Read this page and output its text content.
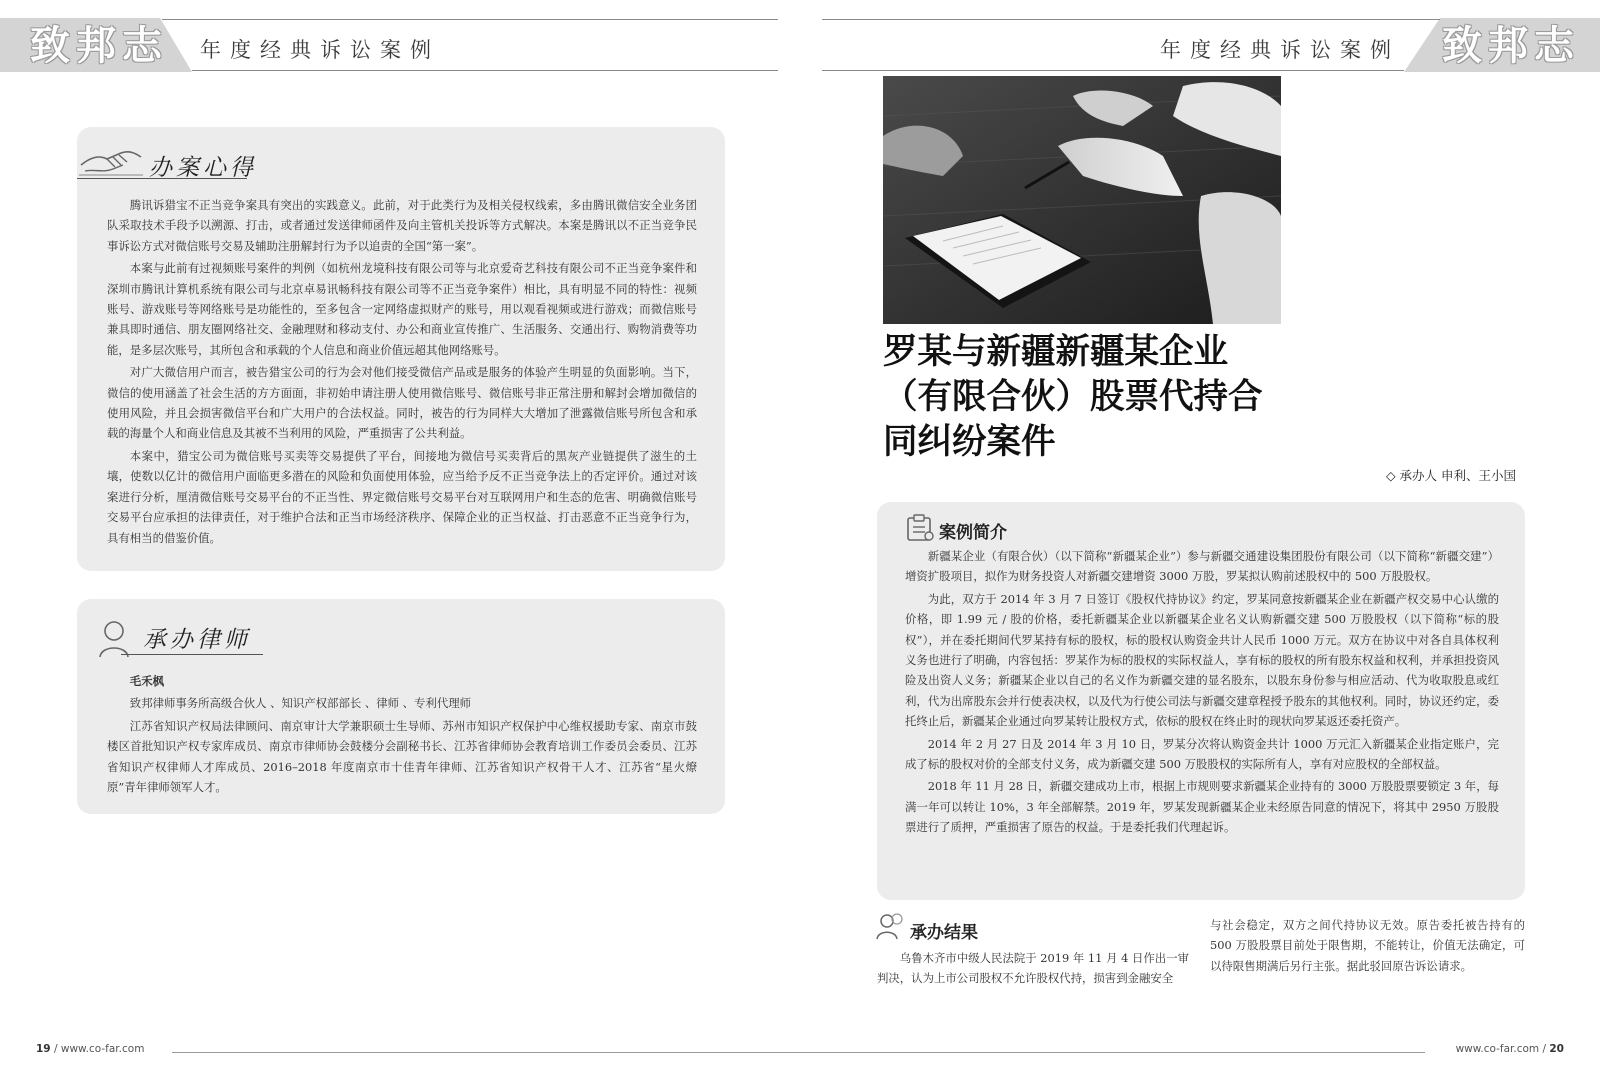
致邦志 年度经典诉讼案例	致邦志
年度经典诉讼案例
办案心得

腾讯诉猎宝不正当竞争案具有突出的实践意义。此前，对于此类行为及相关侵权线索，多由腾讯微信安全业务团队采取技术手段予以溯源、打击，或者通过发送律师函件及向主管机关投诉等方式解决。本案是腾讯以不正当竞争民事诉讼方式对微信账号交易及辅助注册解封行为予以追责的全国“第一案”。

本案与此前有过视频账号案件的判例（如杭州龙境科技有限公司等与北京爱奇艺科技有限公司不正当竞争案件和深圳市腾讯计算机系统有限公司与北京卓易讯畅科技有限公司等不正当竞争案件）相比，具有明显不同的特性：视频账号、游戏账号等网络账号是功能性的，至多包含一定网络虚拟财产的账号，用以观看视频或进行游戏；而微信账号兼具即时通信、朋友圈网络社交、金融理财和移动支付、办公和商业宣传推广、生活服务、交通出行、购物消费等功能，是多层次账号，其所包含和承载的个人信息和商业价值远超其他网络账号。

对广大微信用户而言，被告猎宝公司的行为会对他们接受微信产品或是服务的体验产生明显的负面影响。当下，微信的使用涵盖了社会生活的方方面面，非初始申请注册人使用微信账号、微信账号非正常注册和解封会增加微信的使用风险，并且会损害微信平台和广大用户的合法权益。同时，被告的行为同样大大增加了泄露微信账号所包含和承载的海量个人和商业信息及其被不当利用的风险，严重损害了公共利益。

本案中，猎宝公司为微信账号买卖等交易提供了平台，间接地为微信号买卖背后的黑灰产业链提供了滋生的土壤，使数以亿计的微信用户面临更多潜在的风险和负面使用体验，应当给予反不正当竞争法上的否定评价。通过对该案进行分析，厘清微信账号交易平台的不正当性、界定微信账号交易平台对互联网用户和生态的危害、明确微信账号交易平台应承担的法律责任，对于维护合法和正当市场经济秩序、保障企业的正当权益、打击恶意不正当竞争行为，具有相当的借鉴价值。

承办律师

毛禾枫

致邦律师事务所高级合伙人 、知识产权部部长 、律师 、专利代理师

江苏省知识产权局法律顾问、南京审计大学兼职硕士生导师、苏州市知识产权保护中心维权援助专家、南京市鼓楼区首批知识产权专家库成员、南京市律师协会鼓楼分会副秘书长、江苏省律师协会教育培训工作委员会委员、江苏省知识产权律师人才库成员、2016–2018 年度南京市十佳青年律师、江苏省知识产权骨干人才、江苏省“星火燎原”青年律师领军人才。

罗某与新疆新疆某企业（有限合伙）股票代持合同纠纷案件
◇ 承办人 申利、王小国
案例简介

新疆某企业（有限合伙）（以下简称“新疆某企业”）参与新疆交通建设集团股份有限公司（以下简称“新疆交建”）增资扩股项目，拟作为财务投资人对新疆交建增资 3000 万股，罗某拟认购前述股权中的 500 万股股权。

为此，双方于 2014 年 3 月 7 日签订《股权代持协议》约定，罗某同意按新疆某企业在新疆产权交易中心认缴的价格，即 1.99 元 / 股的价格，委托新疆某企业以新疆某企业名义认购新疆交建 500 万股股权（以下简称“标的股权”），并在委托期间代罗某持有标的股权，标的股权认购资金共计人民币 1000 万元。双方在协议中对各自具体权利义务也进行了明确，内容包括：罗某作为标的股权的实际权益人，享有标的股权的所有股东权益和权利，并承担投资风险及出资人义务；新疆某企业以自己的名义作为新疆交建的显名股东，以股东身份参与相应活动、代为收取股息或红利，代为出席股东会并行使表决权，以及代为行使公司法与新疆交建章程授予股东的其他权利。同时，协议还约定，委托终止后，新疆某企业通过向罗某转让股权方式，依标的股权在终止时的现状向罗某返还委托资产。

2014 年 2 月 27 日及 2014 年 3 月 10 日，罗某分次将认购资金共计 1000 万元汇入新疆某企业指定账户，完成了标的股权对价的全部支付义务，成为新疆交建 500 万股股权的实际所有人，享有对应股权的全部权益。

2018 年 11 月 28 日，新疆交建成功上市，根据上市规则要求新疆某企业持有的 3000 万股股票要锁定 3 年，每满一年可以转让 10%，3 年全部解禁。2019 年，罗某发现新疆某企业未经原告同意的情况下，将其中 2950 万股股票进行了质押，严重损害了原告的权益。于是委托我们代理起诉。

承办结果

乌鲁木齐市中级人民法院于 2019 年 11 月 4 日作出一审判决，认为上市公司股权不允许股权代持，损害到金融安全

与社会稳定，双方之间代持协议无效。原告委托被告持有的 500 万股股票目前处于限售期，不能转让，价值无法确定，可以待限售期满后另行主张。据此驳回原告诉讼请求。

19 / www.co-far.com	www.co-far.com / 20
